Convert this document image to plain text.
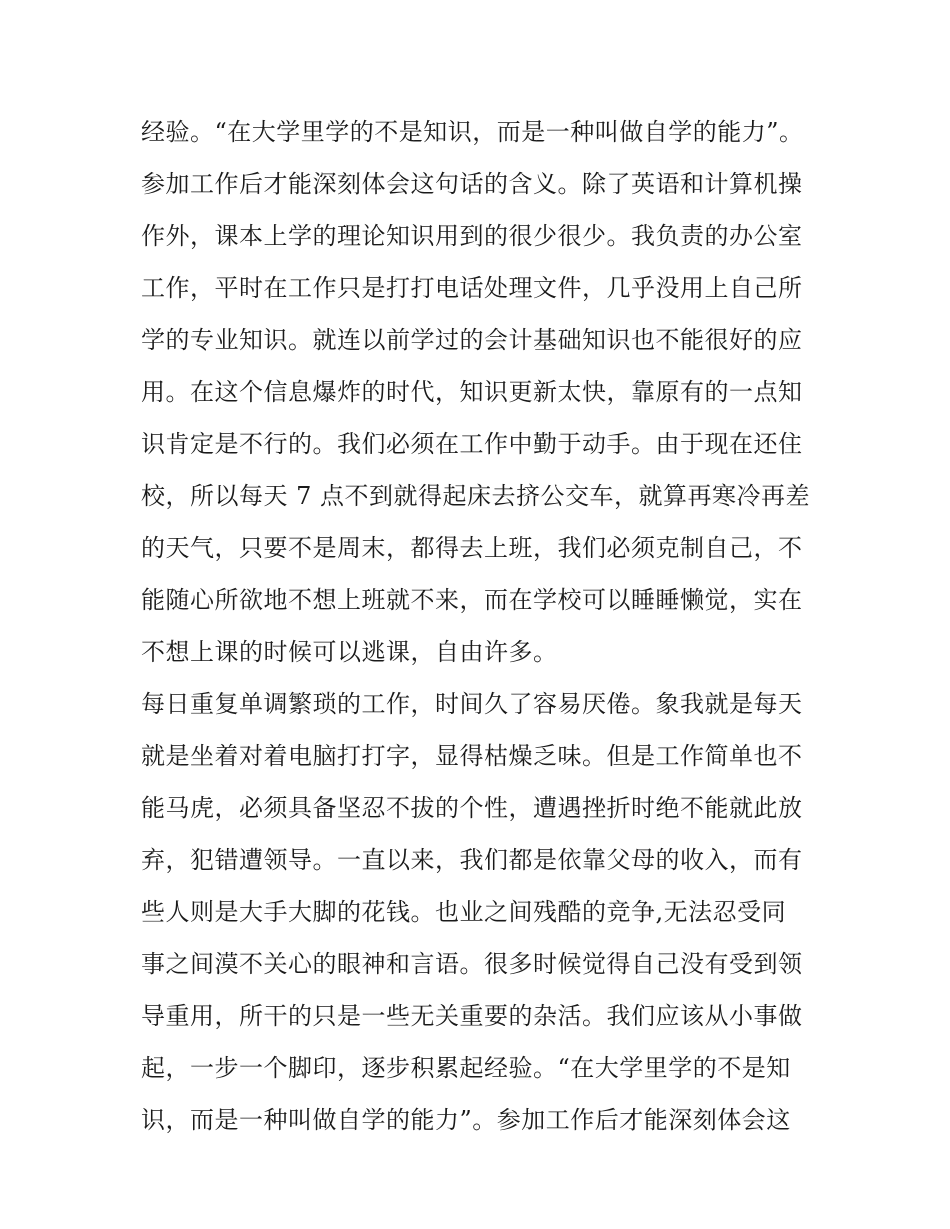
经验。“在大学里学的不是知识，而是一种叫做自学的能力”。
参加工作后才能深刻体会这句话的含义。除了英语和计算机操
作外，课本上学的理论知识用到的很少很少。我负责的办公室
工作，平时在工作只是打打电话处理文件，几乎没用上自己所
学的专业知识。就连以前学过的会计基础知识也不能很好的应
用。在这个信息爆炸的时代，知识更新太快，靠原有的一点知
识肯定是不行的。我们必须在工作中勤于动手。由于现在还住
校，所以每天 7 点不到就得起床去挤公交车，就算再寒冷再差
的天气，只要不是周末，都得去上班，我们必须克制自己，不
能随心所欲地不想上班就不来，而在学校可以睡睡懒觉，实在
不想上课的时候可以逃课，自由许多。
每日重复单调繁琐的工作，时间久了容易厌倦。象我就是每天
就是坐着对着电脑打打字，显得枯燥乏味。但是工作简单也不
能马虎，必须具备坚忍不拔的个性，遭遇挫折时绝不能就此放
弃，犯错遭领导。一直以来，我们都是依靠父母的收入，而有
些人则是大手大脚的花钱。也业之间残酷的竞争,无法忍受同
事之间漠不关心的眼神和言语。很多时候觉得自己没有受到领
导重用，所干的只是一些无关重要的杂活。我们应该从小事做
起，一步一个脚印，逐步积累起经验。“在大学里学的不是知
识，而是一种叫做自学的能力”。参加工作后才能深刻体会这
